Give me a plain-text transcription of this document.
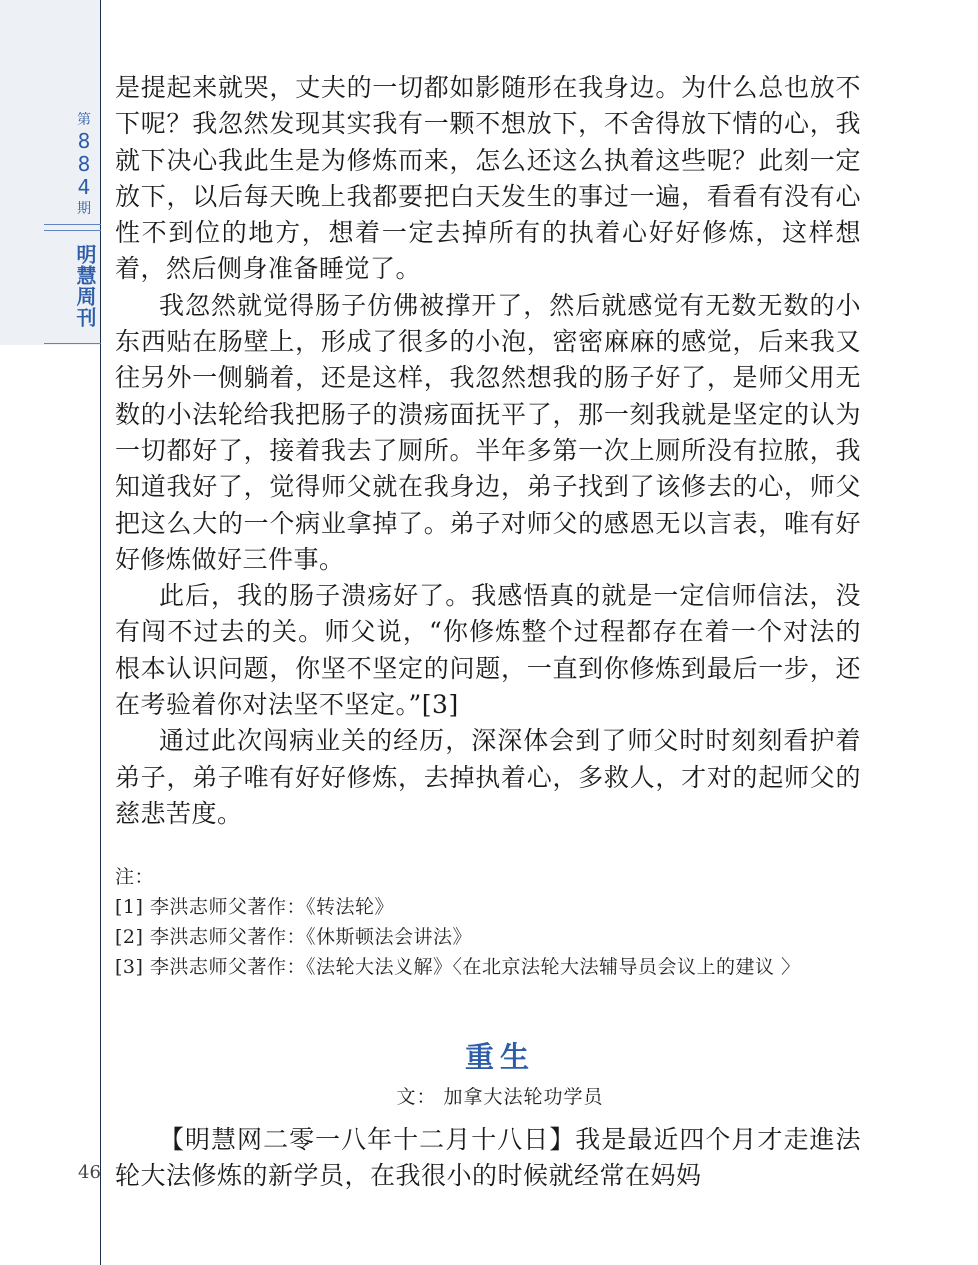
第
8
8
4
期
明慧周刊

是提起来就哭，丈夫的一切都如影随形在我身边。为什么总也放不下呢？我忽然发现其实我有一颗不想放下，不舍得放下情的心，我就下决心我此生是为修炼而来，怎么还这么执着这些呢？此刻一定放下，以后每天晚上我都要把白天发生的事过一遍，看看有没有心性不到位的地方，想着一定去掉所有的执着心好好修炼，这样想着，然后侧身准备睡觉了。

我忽然就觉得肠子仿佛被撑开了，然后就感觉有无数无数的小东西贴在肠壁上，形成了很多的小泡，密密麻麻的感觉，后来我又往另外一侧躺着，还是这样，我忽然想我的肠子好了，是师父用无数的小法轮给我把肠子的溃疡面抚平了，那一刻我就是坚定的认为一切都好了，接着我去了厕所。半年多第一次上厕所没有拉脓，我知道我好了，觉得师父就在我身边，弟子找到了该修去的心，师父把这么大的一个病业拿掉了。弟子对师父的感恩无以言表，唯有好好修炼做好三件事。

此后，我的肠子溃疡好了。我感悟真的就是一定信师信法，没有闯不过去的关。师父说，“你修炼整个过程都存在着一个对法的根本认识问题，你坚不坚定的问题，一直到你修炼到最后一步，还在考验着你对法坚不坚定。”[3]

通过此次闯病业关的经历，深深体会到了师父时时刻刻看护着弟子，弟子唯有好好修炼，去掉执着心，多救人，才对的起师父的慈悲苦度。

注：

[1] 李洪志师父著作：《转法轮》

[2] 李洪志师父著作：《休斯顿法会讲法》

[3] 李洪志师父著作：《法轮大法义解》〈在北京法轮大法辅导员会议上的建议 〉

重生
文： 加拿大法轮功学员

【明慧网二零一八年十二月十八日】我是最近四个月才走進法轮大法修炼的新学员，在我很小的时候就经常在妈妈

46
